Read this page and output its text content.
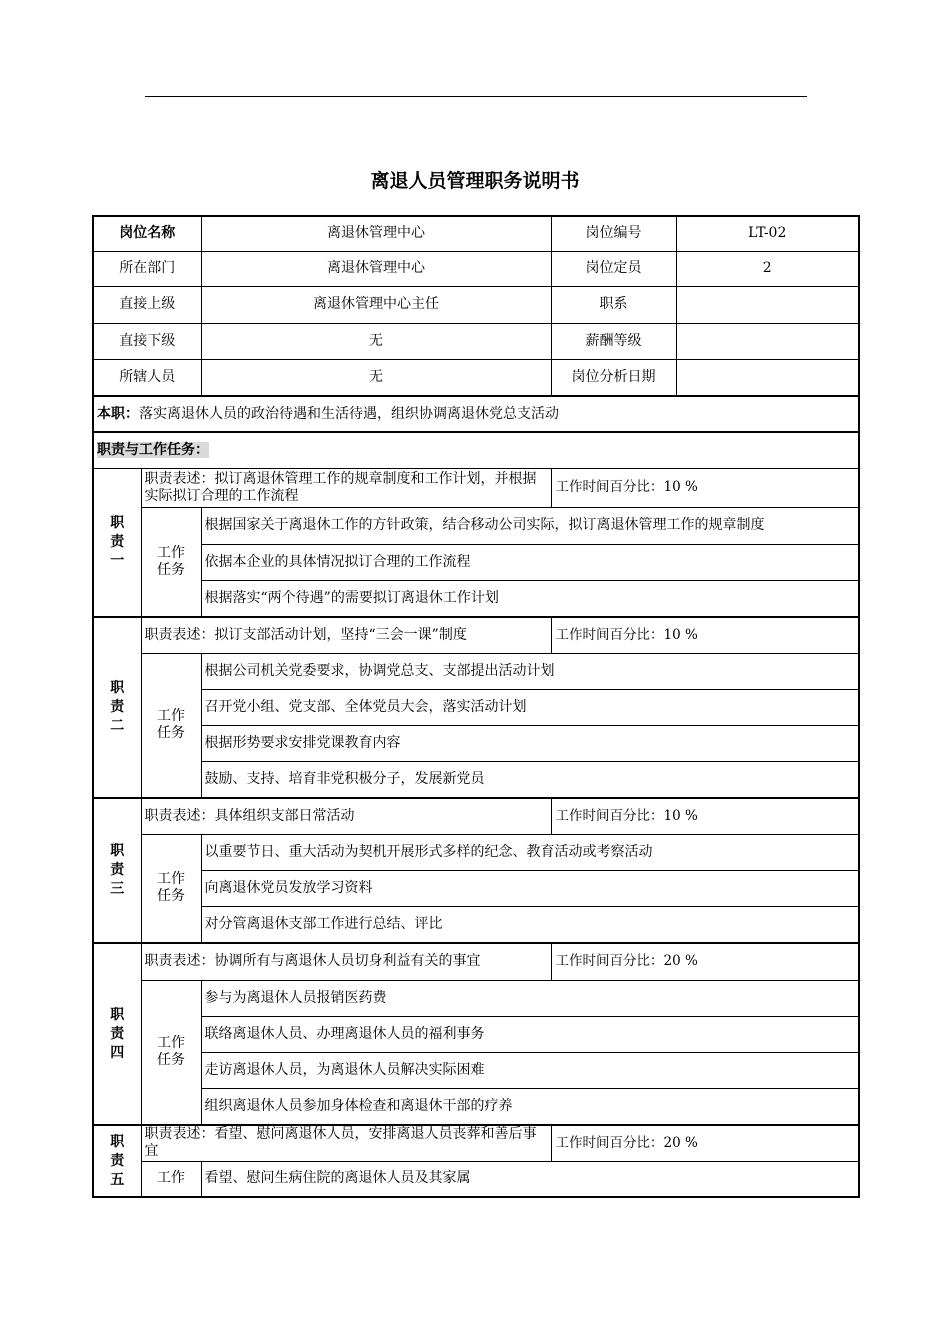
离退人员管理职务说明书
岗位名称		离退休管理中心	岗位编号	LT-02
所在部门		离退休管理中心	岗位定员	2
直接上级		离退休管理中心主任	职系	
直接下级		无	薪酬等级	
所辖人员		无	岗位分析日期	
本职：落实离退休人员的政治待遇和生活待遇，组织协调离退休党总支活动				
职责与工作任务：				
职责一	职责表述：拟订离退休管理工作的规章制度和工作计划，并根据实际拟订合理的工作流程		工作时间百分比：10 %	
	工作任务	根据国家关于离退休工作的方针政策，结合移动公司实际，拟订离退休管理工作的规章制度		
		依据本企业的具体情况拟订合理的工作流程		
		根据落实“两个待遇”的需要拟订离退休工作计划		
职责二	职责表述：拟订支部活动计划，坚持“三会一课”制度		工作时间百分比：10 %	
	工作任务	根据公司机关党委要求，协调党总支、支部提出活动计划		
		召开党小组、党支部、全体党员大会，落实活动计划		
		根据形势要求安排党课教育内容		
		鼓励、支持、培育非党积极分子，发展新党员		
职责三	职责表述：具体组织支部日常活动		工作时间百分比：10 %	
	工作任务	以重要节日、重大活动为契机开展形式多样的纪念、教育活动或考察活动		
		向离退休党员发放学习资料		
		对分管离退休支部工作进行总结、评比		
职责四	职责表述：协调所有与离退休人员切身利益有关的事宜		工作时间百分比：20 %	
	工作任务	参与为离退休人员报销医药费		
		联络离退休人员、办理离退休人员的福利事务		
		走访离退休人员，为离退休人员解决实际困难		
		组织离退休人员参加身体检查和离退休干部的疗养		
职责五	职责表述：看望、慰问离退休人员，安排离退人员丧葬和善后事宜		工作时间百分比：20 %	
	工作	看望、慰问生病住院的离退休人员及其家属		
